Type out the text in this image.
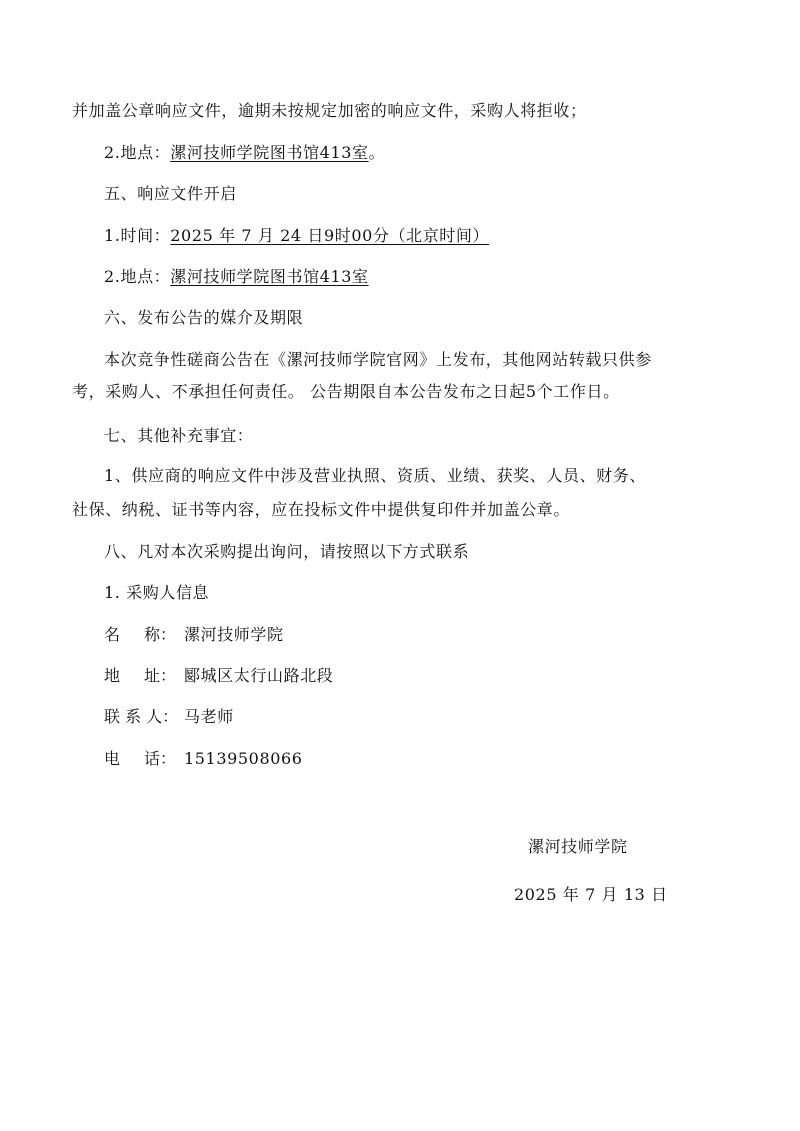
并加盖公章响应文件，逾期未按规定加密的响应文件，采购人将拒收；
2.地点：漯河技师学院图书馆413室。
五、响应文件开启
1.时间：2025 年 7 月 24 日9时00分（北京时间）
2.地点：漯河技师学院图书馆413室
六、发布公告的媒介及期限
本次竞争性磋商公告在《漯河技师学院官网》上发布，其他网站转载只供参
考，采购人、不承担任何责任。 公告期限自本公告发布之日起5个工作日。
七、其他补充事宜：
1、供应商的响应文件中涉及营业执照、资质、业绩、获奖、人员、财务、
社保、纳税、证书等内容，应在投标文件中提供复印件并加盖公章。
八、凡对本次采购提出询问，请按照以下方式联系
1. 采购人信息
名 称： 漯河技师学院
地 址： 郾城区太行山路北段
联 系 人： 马老师
电 话： 15139508066
漯河技师学院
2025 年 7 月 13 日
